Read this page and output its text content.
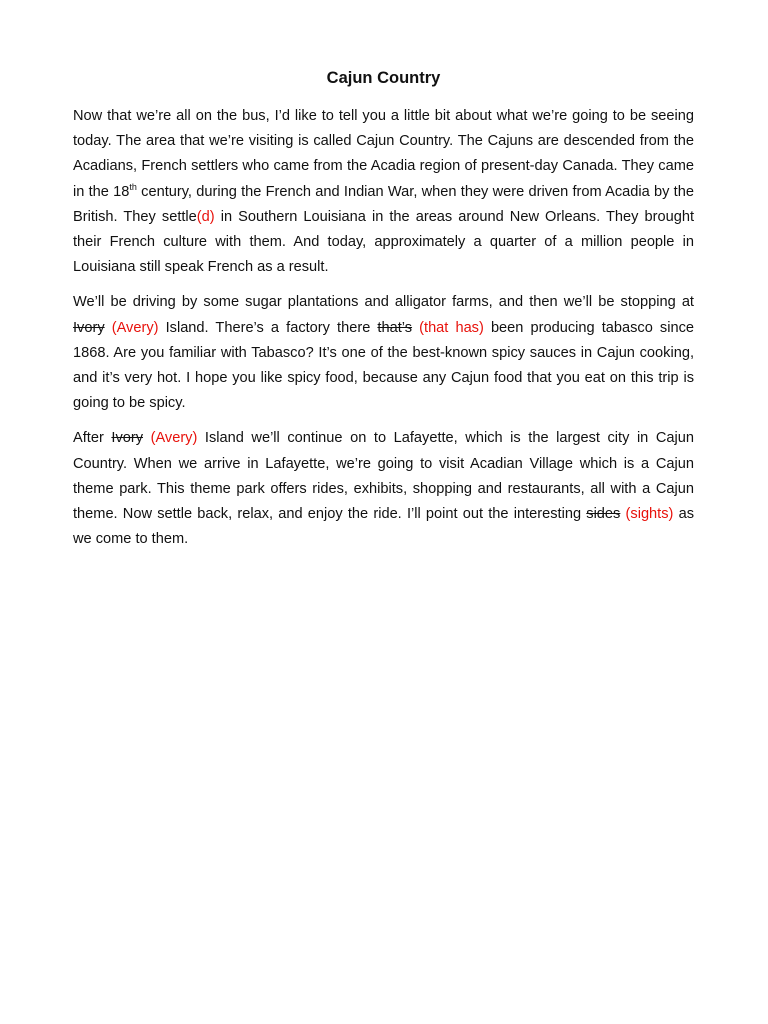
Cajun Country

Now that we’re all on the bus, I’d like to tell you a little bit about what we’re going to be seeing today. The area that we’re visiting is called Cajun Country. The Cajuns are descended from the Acadians, French settlers who came from the Acadia region of present-day Canada. They came in the 18th century, during the French and Indian War, when they were driven from Acadia by the British. They settle(d) in Southern Louisiana in the areas around New Orleans. They brought their French culture with them. And today, approximately a quarter of a million people in Louisiana still speak French as a result.

We’ll be driving by some sugar plantations and alligator farms, and then we’ll be stopping at Ivory (Avery) Island. There’s a factory there that’s (that has) been producing tabasco since 1868. Are you familiar with Tabasco? It’s one of the best-known spicy sauces in Cajun cooking, and it’s very hot. I hope you like spicy food, because any Cajun food that you eat on this trip is going to be spicy.

After Ivory (Avery) Island we’ll continue on to Lafayette, which is the largest city in Cajun Country. When we arrive in Lafayette, we’re going to visit Acadian Village which is a Cajun theme park. This theme park offers rides, exhibits, shopping and restaurants, all with a Cajun theme. Now settle back, relax, and enjoy the ride. I’ll point out the interesting sides (sights) as we come to them.
